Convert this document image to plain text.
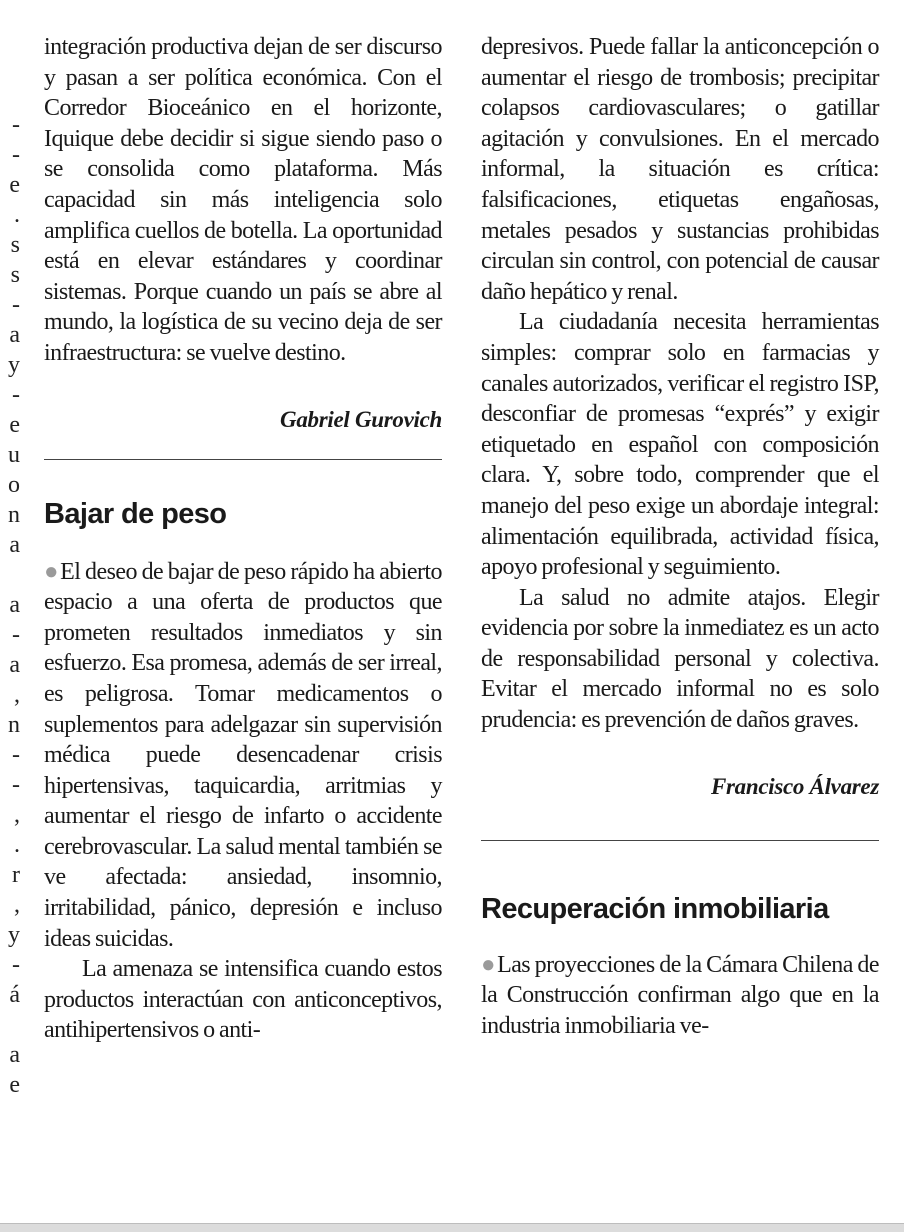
-
-
e
.
s
s
-
a
y
-
e
u
o
n
a
a
-
a
,
n
-
-
,
.
r
,
y
-
á
a
e

integración productiva dejan de ser discurso y pasan a ser política económica. Con el Corredor Bioceánico en el horizonte, Iquique debe decidir si sigue siendo paso o se consolida como plataforma. Más capacidad sin más inteligencia solo amplifica cuellos de botella. La oportunidad está en elevar estándares y coordinar sistemas. Porque cuando un país se abre al mundo, la logística de su vecino deja de ser infraestructura: se vuelve destino.

Gabriel Gurovich

Bajar de peso

●El deseo de bajar de peso rápido ha abierto espacio a una oferta de productos que prometen resultados inmediatos y sin esfuerzo. Esa promesa, además de ser irreal, es peligrosa. Tomar medicamentos o suplementos para adelgazar sin supervisión médica puede desencadenar crisis hipertensivas, taquicardia, arritmias y aumentar el riesgo de infarto o accidente cerebrovascular. La salud mental también se ve afectada: ansiedad, insomnio, irritabilidad, pánico, depresión e incluso ideas suicidas.

La amenaza se intensifica cuando estos productos interactúan con anticonceptivos, antihipertensivos o anti-

depresivos. Puede fallar la anticoncepción o aumentar el riesgo de trombosis; precipitar colapsos cardiovasculares; o gatillar agitación y convulsiones. En el mercado informal, la situación es crítica: falsificaciones, etiquetas engañosas, metales pesados y sustancias prohibidas circulan sin control, con potencial de causar daño hepático y renal.

La ciudadanía necesita herramientas simples: comprar solo en farmacias y canales autorizados, verificar el registro ISP, desconfiar de promesas “exprés” y exigir etiquetado en español con composición clara. Y, sobre todo, comprender que el manejo del peso exige un abordaje integral: alimentación equilibrada, actividad física, apoyo profesional y seguimiento.

La salud no admite atajos. Elegir evidencia por sobre la inmediatez es un acto de responsabilidad personal y colectiva. Evitar el mercado informal no es solo prudencia: es prevención de daños graves.

Francisco Álvarez

Recuperación inmobiliaria

●Las proyecciones de la Cámara Chilena de la Construcción confirman algo que en la industria inmobiliaria ve-
